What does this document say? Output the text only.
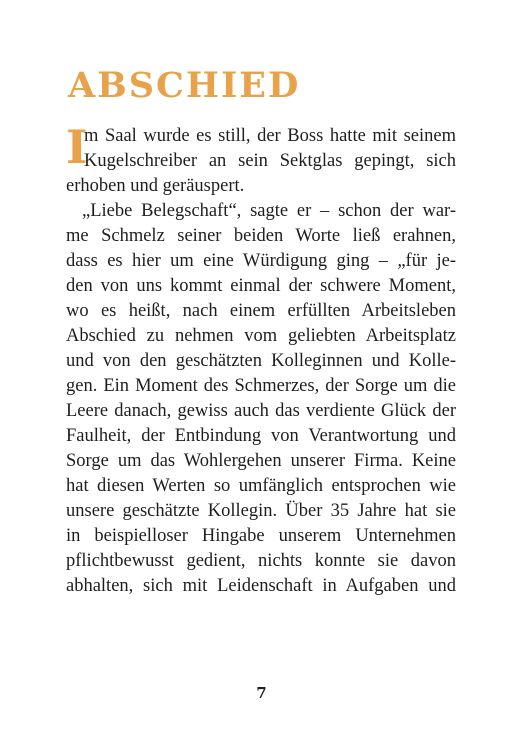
ABSCHIED
I
m Saal wurde es still, der Boss hatte mit seinem
Kugelschreiber an sein Sektglas gepingt, sich
erhoben und geräuspert.
„Liebe Belegschaft“, sagte er – schon der war-
me Schmelz seiner beiden Worte ließ erahnen,
dass es hier um eine Würdigung ging – „für je-
den von uns kommt einmal der schwere Moment,
wo es heißt, nach einem erfüllten Arbeitsleben
Abschied zu nehmen vom geliebten Arbeitsplatz
und von den geschätzten Kolleginnen und Kolle-
gen. Ein Moment des Schmerzes, der Sorge um die
Leere danach, gewiss auch das verdiente Glück der
Faulheit, der Entbindung von Verantwortung und
Sorge um das Wohlergehen unserer Firma. Keine
hat diesen Werten so umfänglich entsprochen wie
unsere geschätzte Kollegin. Über 35 Jahre hat sie
in beispielloser Hingabe unserem Unternehmen
pflichtbewusst gedient, nichts konnte sie davon
abhalten, sich mit Leidenschaft in Aufgaben und
7
